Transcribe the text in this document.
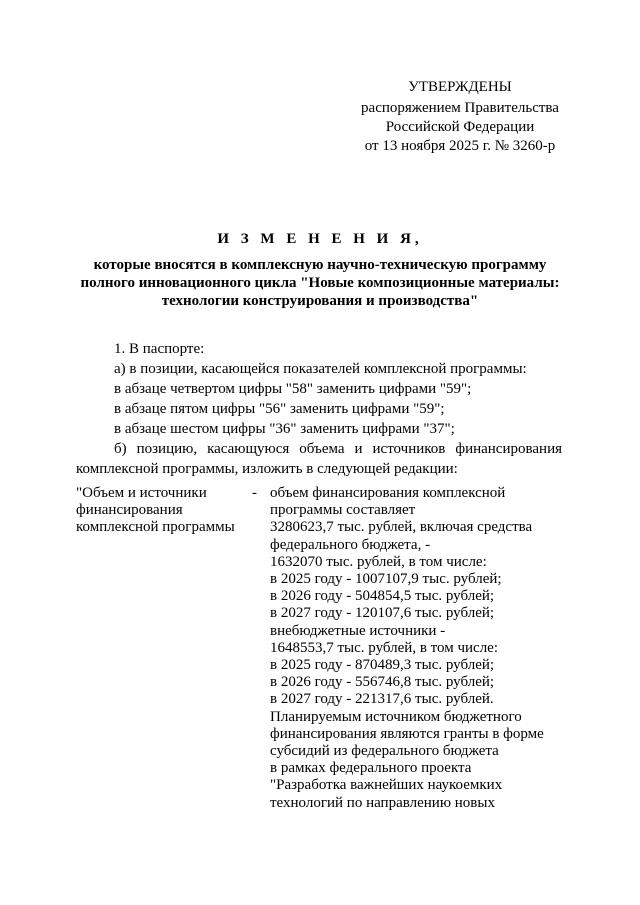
УТВЕРЖДЕНЫ
распоряжением Правительства
Российской Федерации
от 13 ноября 2025 г. № 3260-р
И З М Е Н Е Н И Я,
которые вносятся в комплексную научно-техническую программу
полного инновационного цикла "Новые композиционные материалы:
технологии конструирования и производства"

1. В паспорте:

а) в позиции, касающейся показателей комплексной программы:

в абзаце четвертом цифры "58" заменить цифрами "59";

в абзаце пятом цифры "56" заменить цифрами "59";

в абзаце шестом цифры "36" заменить цифрами "37";

б) позицию, касающуюся объема и источников финансирования комплексной программы, изложить в следующей редакции:

"Объем и источники
финансирования
комплексной программы
- объем финансирования комплексной
программы составляет
3280623,7 тыс. рублей, включая средства
федерального бюджета, -
1632070 тыс. рублей, в том числе:
в 2025 году - 1007107,9 тыс. рублей;
в 2026 году - 504854,5 тыс. рублей;
в 2027 году - 120107,6 тыс. рублей;
внебюджетные источники -
1648553,7 тыс. рублей, в том числе:
в 2025 году - 870489,3 тыс. рублей;
в 2026 году - 556746,8 тыс. рублей;
в 2027 году - 221317,6 тыс. рублей.
Планируемым источником бюджетного
финансирования являются гранты в форме
субсидий из федерального бюджета
в рамках федерального проекта
"Разработка важнейших наукоемких
технологий по направлению новых
